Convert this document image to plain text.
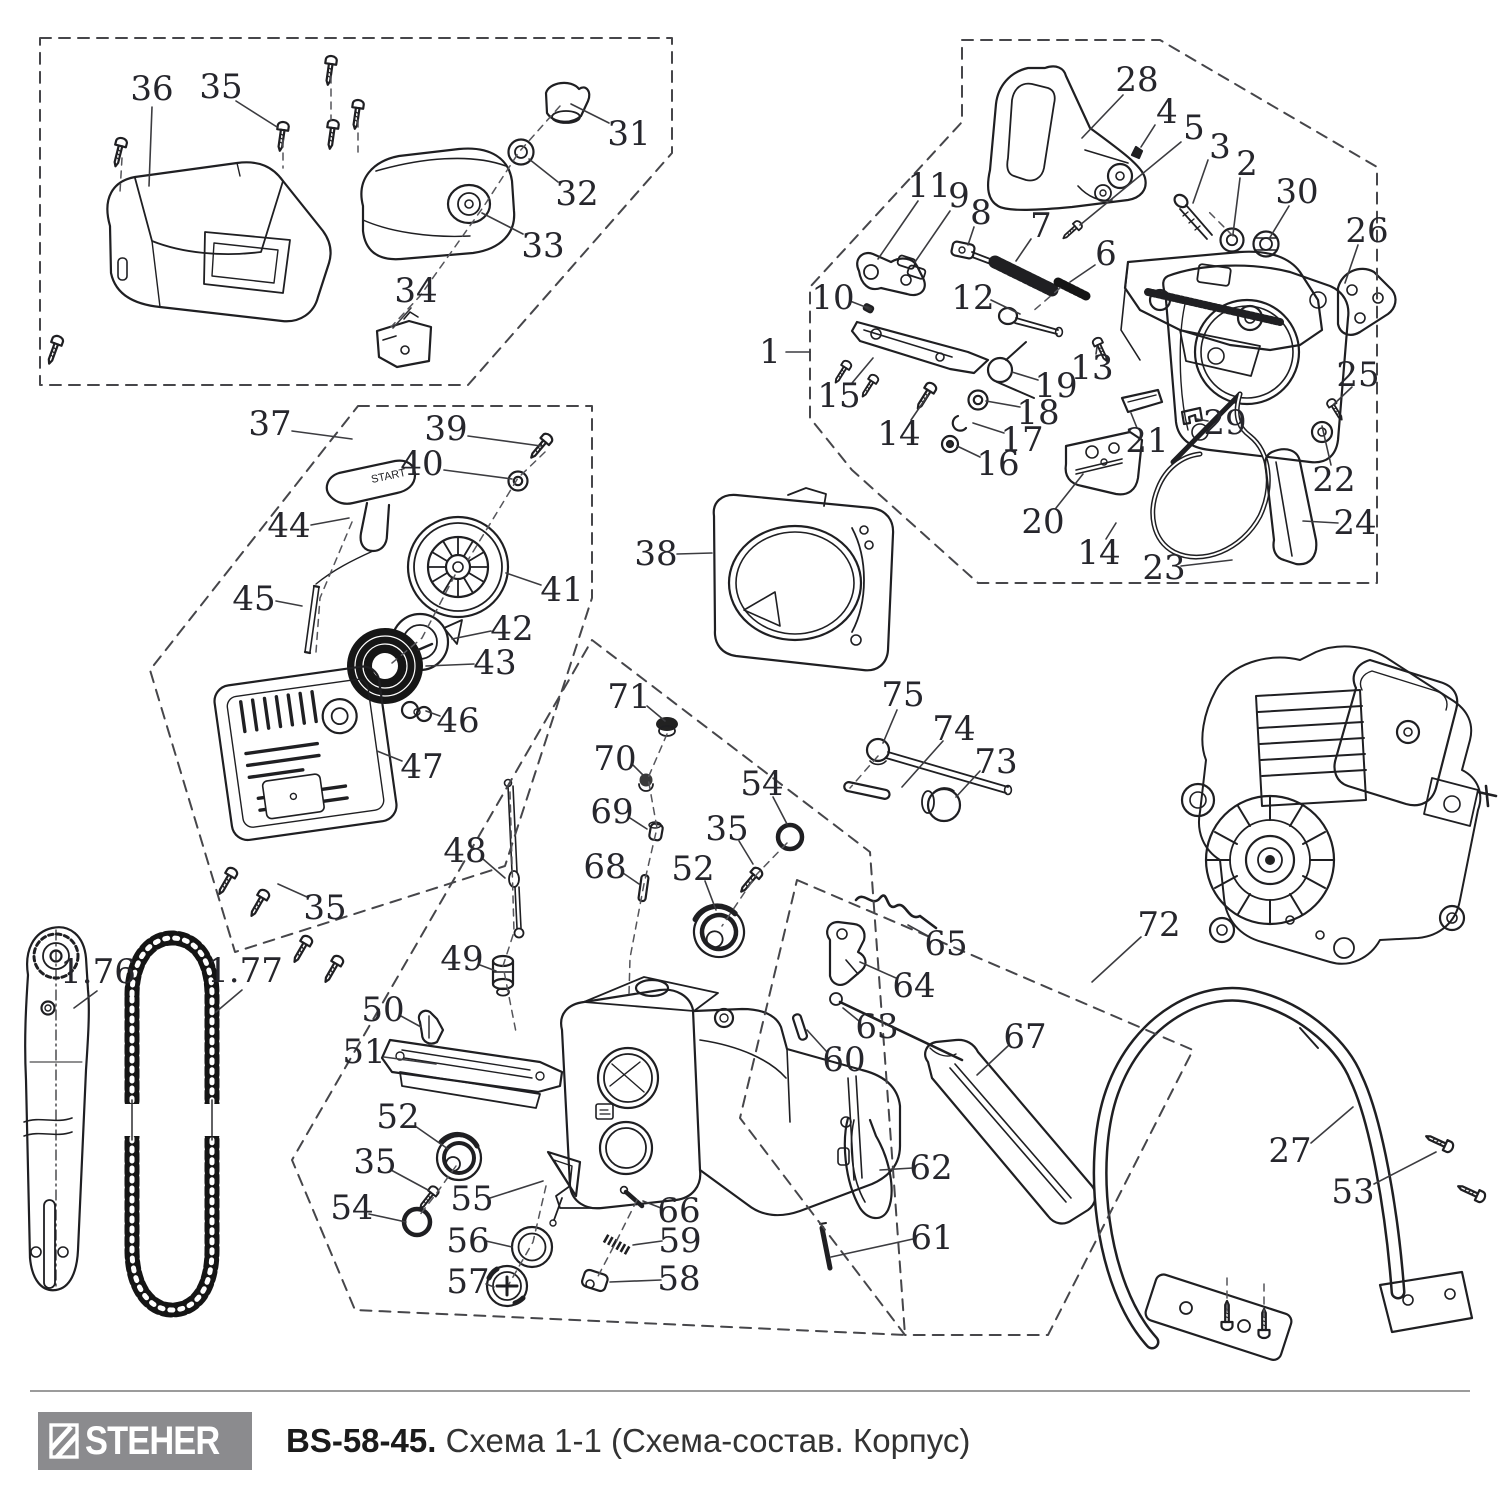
START
36 35
31
32
33
34
28
4 5 3 2
30
26
11
9 8 7
6
10	12
1
15
14
13
19
18
17
16
29
21
20
14 23
24
22
25
37	39
40
44
41
45
42
43
46
47
35
38
71
70
69
68
48
49
50
51
52
35
54 55
56
57
66
59
58
54
35
52
75
74
73
65
64
63
60
67
62
61
72
27
53
1.76 1.77
STEHER BS-58-45. Схема 1-1 (Схема-состав. Корпус)
